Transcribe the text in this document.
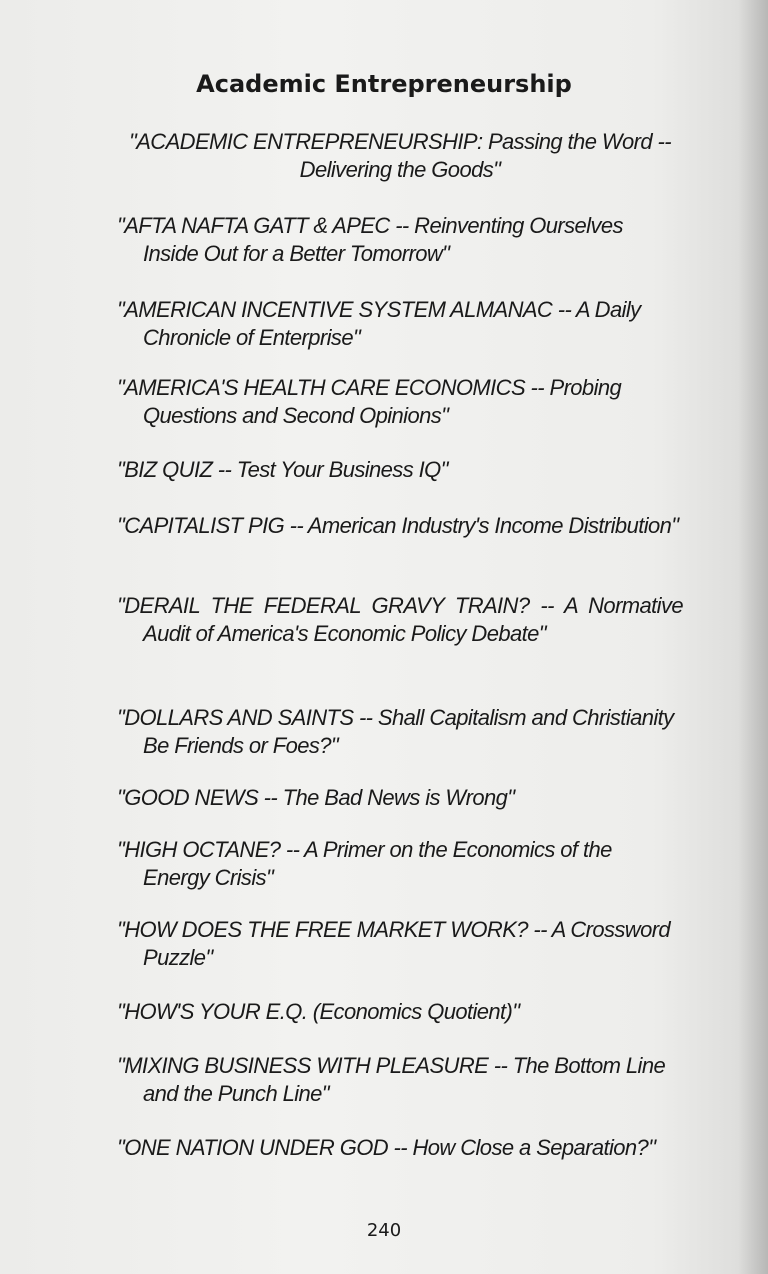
Academic Entrepreneurship
"ACADEMIC ENTREPRENEURSHIP: Passing the Word -- Delivering the Goods"
"AFTA NAFTA GATT & APEC -- Reinventing Ourselves Inside Out for a Better Tomorrow"
"AMERICAN INCENTIVE SYSTEM ALMANAC -- A Daily Chronicle of Enterprise"
"AMERICA'S HEALTH CARE ECONOMICS -- Probing Questions and Second Opinions"
"BIZ QUIZ -- Test Your Business IQ"
"CAPITALIST PIG -- American Industry's Income Distribution"
"DERAIL THE FEDERAL GRAVY TRAIN? -- A Normative Audit of America's Economic Policy Debate"
"DOLLARS AND SAINTS -- Shall Capitalism and Christianity Be Friends or Foes?"
"GOOD NEWS -- The Bad News is Wrong"
"HIGH OCTANE? -- A Primer on the Economics of the Energy Crisis"
"HOW DOES THE FREE MARKET WORK? -- A Crossword Puzzle"
"HOW'S YOUR E.Q. (Economics Quotient)"
"MIXING BUSINESS WITH PLEASURE -- The Bottom Line and the Punch Line"
"ONE NATION UNDER GOD -- How Close a Separation?"
240
